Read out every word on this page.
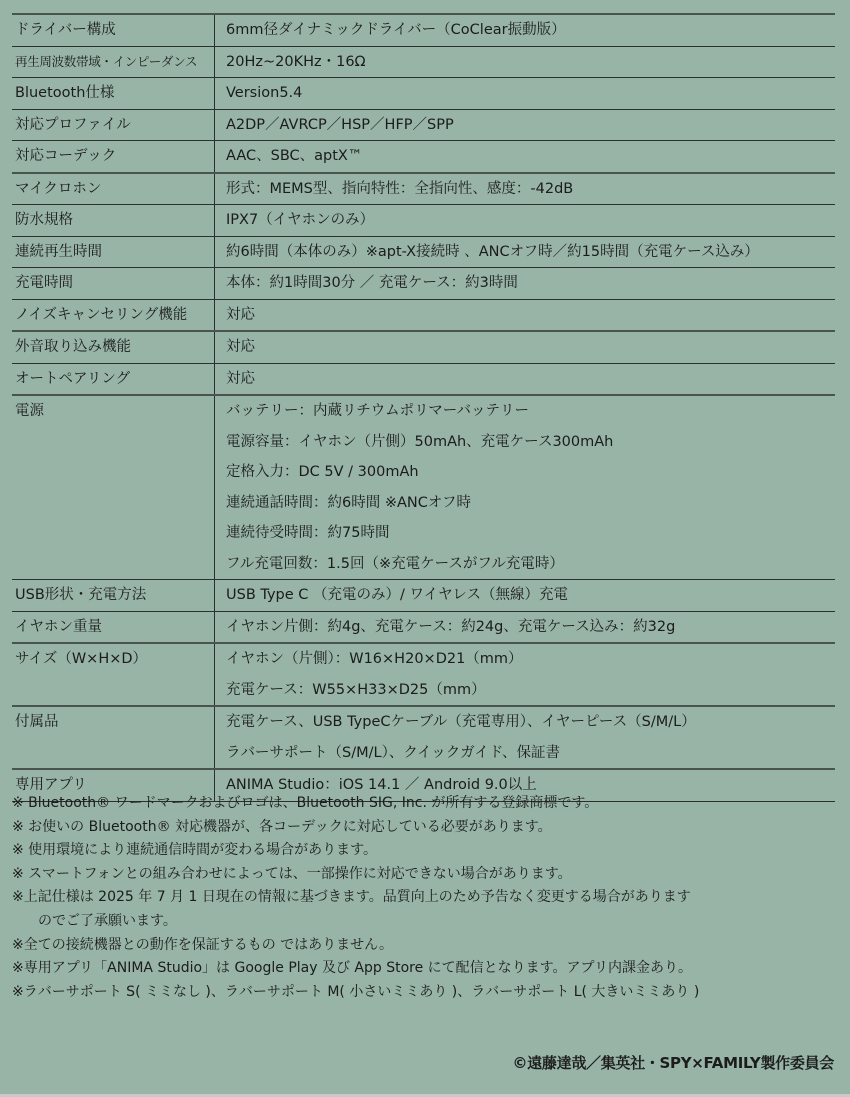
ドライバー構成	6mm径ダイナミックドライバー（CoClear振動版）

再生周波数帯域・インピーダンス	20Hz~20KHz・16Ω

Bluetooth仕様	Version5.4

対応プロファイル	A2DP／AVRCP／HSP／HFP／SPP

対応コーデック	AAC、SBC、aptX™

マイクロホン	形式：MEMS型、指向特性：全指向性、感度：-42dB

防水規格	IPX7（イヤホンのみ）

連続再生時間	約6時間（本体のみ）※apt-X接続時 、ANCオフ時／約15時間（充電ケース込み）

充電時間	本体：約1時間30分 ／ 充電ケース：約3時間

ノイズキャンセリング機能	対応

外音取り込み機能	対応

オートペアリング	対応

電源	バッテリー：内蔵リチウムポリマーバッテリー
電源容量：イヤホン（片側）50mAh、充電ケース300mAh
定格入力：DC 5V / 300mAh
連続通話時間：約6時間 ※ANCオフ時
連続待受時間：約75時間
フル充電回数：1.5回（※充電ケースがフル充電時）

USB形状・充電方法	USB Type C （充電のみ）/ ワイヤレス（無線）充電

イヤホン重量	イヤホン片側：約4g、充電ケース：約24g、充電ケース込み：約32g

サイズ（W×H×D）	イヤホン（片側）：W16×H20×D21（mm）
充電ケース：W55×H33×D25（mm）

付属品	充電ケース、USB TypeCケーブル（充電専用）、イヤーピース（S/M/L）
ラバーサポート（S/M/L）、クイックガイド、保証書

専用アプリ	ANIMA Studio：iOS 14.1 ／ Android 9.0以上
※ Bluetooth® ワードマークおよびロゴは、Bluetooth SIG, Inc. が所有する登録商標です。
※ お使いの Bluetooth® 対応機器が、各コーデックに対応している必要があります。
※ 使用環境により連続通信時間が変わる場合があります。
※ スマートフォンとの組み合わせによっては、一部操作に対応できない場合があります。
※上記仕様は 2025 年 7 月 1 日現在の情報に基づきます。品質向上のため予告なく変更する場合があります
のでご了承願います。
※全ての接続機器との動作を保証するもの ではありません。
※専用アプリ「ANIMA Studio」は Google Play 及び App Store にて配信となります。アプリ内課金あり。
※ラバーサポート S( ミミなし )、ラバーサポート M( 小さいミミあり )、ラバーサポート L( 大きいミミあり )
©遠藤達哉／集英社・SPY×FAMILY製作委員会
